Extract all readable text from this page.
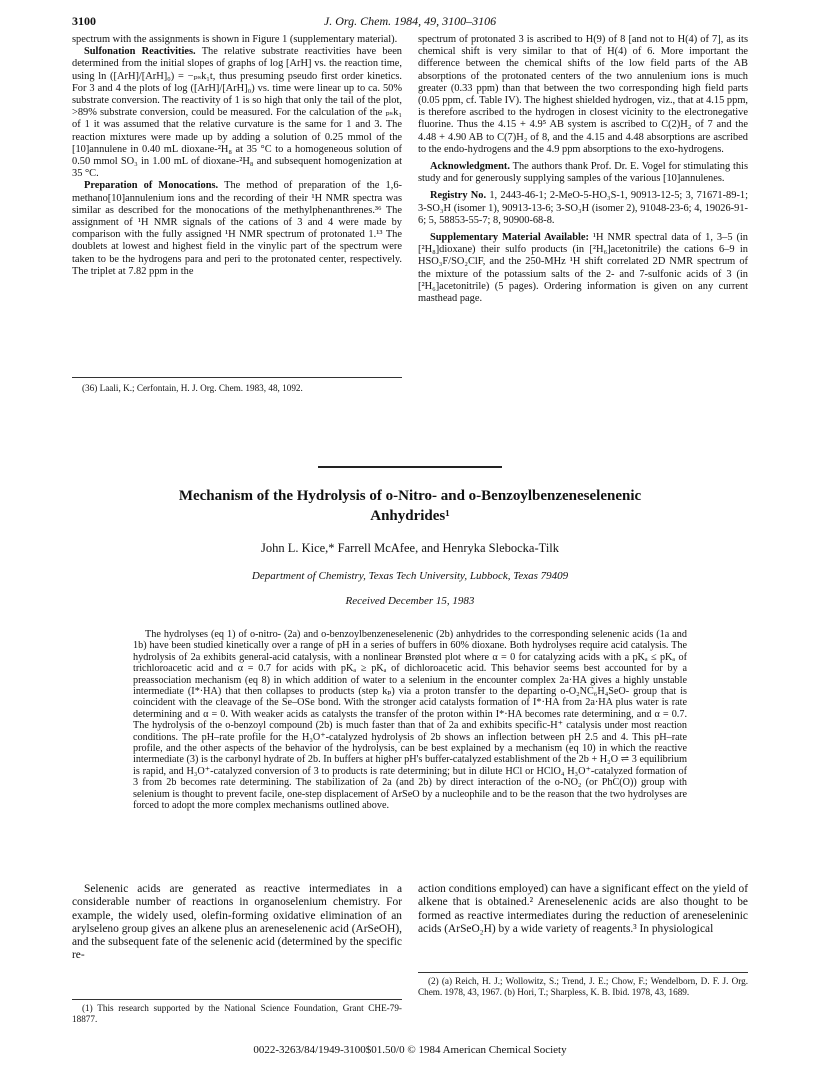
J. Org. Chem. 1984, 49, 3100–3106
3100

spectrum with the assignments is shown in Figure 1 (supplementary material).

Sulfonation Reactivities. The relative substrate reactivities have been determined from the initial slopes of graphs of log [ArH] vs. the reaction time, using ln ([ArH]/[ArH]₀) = −ₚₛk₁t, thus presuming pseudo first order kinetics. For 3 and 4 the plots of log ([ArH]/[ArH]₀) vs. time were linear up to ca. 50% substrate conversion. The reactivity of 1 is so high that only the tail of the plot, >89% substrate conversion, could be measured. For the calculation of the ₚₛk₁ of 1 it was assumed that the relative curvature is the same for 1 and 3. The reaction mixtures were made up by adding a solution of 0.25 mmol of the [10]annulene in 0.40 mL dioxane-²H₈ at 35 °C to a homogeneous solution of 0.50 mmol SO₃ in 1.00 mL of dioxane-²H₈ and subsequent homogenization at 35 °C.

Preparation of Monocations. The method of preparation of the 1,6-methano[10]annulenium ions and the recording of their ¹H NMR spectra was similar as described for the monocations of the methylphenanthrenes.³⁶ The assignment of ¹H NMR signals of the cations of 3 and 4 were made by comparison with the fully assigned ¹H NMR spectrum of protonated 1.¹³ The doublets at lowest and highest field in the vinylic part of the spectrum were taken to be the hydrogens para and peri to the protonated center, respectively. The triplet at 7.82 ppm in the

(36) Laali, K.; Cerfontain, H. J. Org. Chem. 1983, 48, 1092.

spectrum of protonated 3 is ascribed to H(9) of 8 [and not to H(4) of 7], as its chemical shift is very similar to that of H(4) of 6. More important the difference between the chemical shifts of the low field parts of the AB absorptions of the protonated centers of the two annulenium ions is much greater (0.33 ppm) than that between the two corresponding high field parts (0.05 ppm, cf. Table IV). The highest shielded hydrogen, viz., that at 4.15 ppm, is therefore ascribed to the hydrogen in closest vicinity to the electronegative fluorine. Thus the 4.15 + 4.9⁵ AB system is ascribed to C(2)H₂ of 7 and the 4.48 + 4.90 AB to C(7)H₂ of 8, and the 4.15 and 4.48 absorptions are ascribed to the endo-hydrogens and the 4.9 ppm absorptions to the exo-hydrogens.

Acknowledgment. The authors thank Prof. Dr. E. Vogel for stimulating this study and for generously supplying samples of the various [10]annulenes.

Registry No. 1, 2443-46-1; 2-MeO-5-HO₃S-1, 90913-12-5; 3, 71671-89-1; 3-SO₃H (isomer 1), 90913-13-6; 3-SO₃H (isomer 2), 91048-23-6; 4, 19026-91-6; 5, 58853-55-7; 8, 90900-68-8.

Supplementary Material Available: ¹H NMR spectral data of 1, 3–5 (in [²H₈]dioxane) their sulfo products (in [²H₆]acetonitrile) the cations 6–9 in HSO₃F/SO₂ClF, and the 250-MHz ¹H shift correlated 2D NMR spectrum of the mixture of the potassium salts of the 2- and 7-sulfonic acids of 3 (in [²H₆]acetonitrile) (5 pages). Ordering information is given on any current masthead page.

Mechanism of the Hydrolysis of o-Nitro- and o-Benzoylbenzeneselenenic
Anhydrides¹
John L. Kice,* Farrell McAfee, and Henryka Slebocka-Tilk
Department of Chemistry, Texas Tech University, Lubbock, Texas 79409
Received December 15, 1983

The hydrolyses (eq 1) of o-nitro- (2a) and o-benzoylbenzeneselenenic (2b) anhydrides to the corresponding selenenic acids (1a and 1b) have been studied kinetically over a range of pH in a series of buffers in 60% dioxane. Both hydrolyses require acid catalysis. The hydrolysis of 2a exhibits general-acid catalysis, with a nonlinear Brønsted plot where α = 0 for catalyzing acids with a pKₐ ≤ pKₐ of trichloroacetic acid and α = 0.7 for acids with pKₐ ≥ pKₐ of dichloroacetic acid. This behavior seems best accounted for by a preassociation mechanism (eq 8) in which addition of water to a selenium in the encounter complex 2a·HA gives a highly unstable intermediate (I*·HA) that then collapses to products (step kₚ) via a proton transfer to the departing o-O₂NC₆H₄SeO- group that is coincident with the cleavage of the Se–OSe bond. With the stronger acid catalysts formation of I*·HA from 2a·HA plus water is rate determining and α = 0. With weaker acids as catalysts the transfer of the proton within I*·HA becomes rate determining, and α = 0.7. The hydrolysis of the o-benzoyl compound (2b) is much faster than that of 2a and exhibits specific-H⁺ catalysis under most reaction conditions. The pH–rate profile for the H₃O⁺-catalyzed hydrolysis of 2b shows an inflection between pH 2.5 and 4. This pH–rate profile, and the other aspects of the behavior of the hydrolysis, can be best explained by a mechanism (eq 10) in which the reactive intermediate (3) is the carbonyl hydrate of 2b. In buffers at higher pH's buffer-catalyzed establishment of the 2b + H₂O ⇌ 3 equilibrium is rapid, and H₃O⁺-catalyzed conversion of 3 to products is rate determining; but in dilute HCl or HClO₄ H₃O⁺-catalyzed formation of 3 from 2b becomes rate determining. The stabilization of 2a (and 2b) by direct interaction of the o-NO₂ (or PhC(O)) group with selenium is thought to prevent facile, one-step displacement of ArSeO by a nucleophile and to be the reason that the two hydrolyses are forced to adopt the more complex mechanisms outlined above.

Selenenic acids are generated as reactive intermediates in a considerable number of reactions in organoselenium chemistry. For example, the widely used, olefin-forming oxidative elimination of an arylseleno group gives an alkene plus an areneselenenic acid (ArSeOH), and the subsequent fate of the selenenic acid (determined by the specific re-

action conditions employed) can have a significant effect on the yield of alkene that is obtained.² Areneselenenic acids are also thought to be formed as reactive intermediates during the reduction of areneseleninic acids (ArSeO₂H) by a wide variety of reagents.³ In physiological

(1) This research supported by the National Science Foundation, Grant CHE-79-18877.

(2) (a) Reich, H. J.; Wollowitz, S.; Trend, J. E.; Chow, F.; Wendelborn, D. F. J. Org. Chem. 1978, 43, 1967. (b) Hori, T.; Sharpless, K. B. Ibid. 1978, 43, 1689.

0022-3263/84/1949-3100$01.50/0 © 1984 American Chemical Society
